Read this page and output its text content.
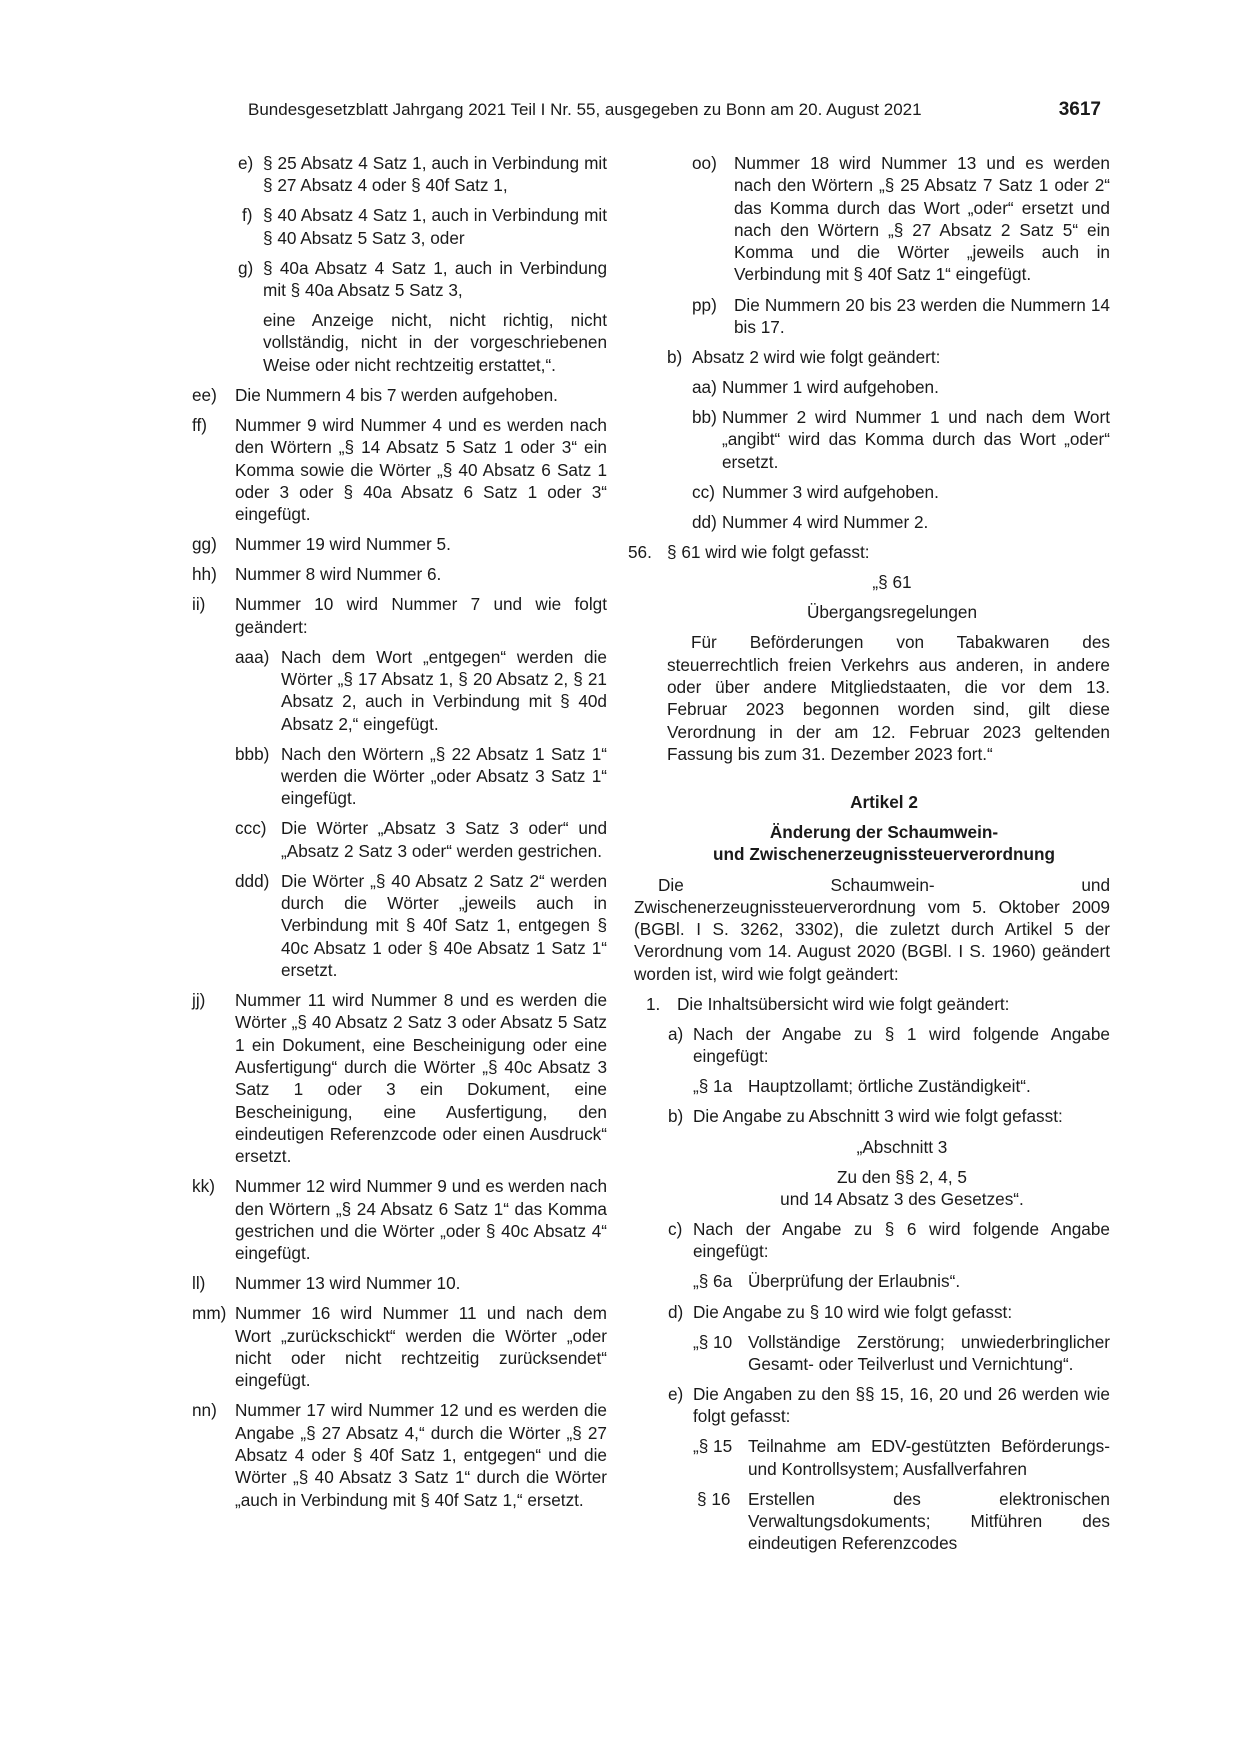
Bundesgesetzblatt Jahrgang 2021 Teil I Nr. 55, ausgegeben zu Bonn am 20. August 2021	3617
e) § 25 Absatz 4 Satz 1, auch in Verbindung mit § 27 Absatz 4 oder § 40f Satz 1,
f) § 40 Absatz 4 Satz 1, auch in Verbindung mit § 40 Absatz 5 Satz 3, oder
g) § 40a Absatz 4 Satz 1, auch in Verbindung mit § 40a Absatz 5 Satz 3,
eine Anzeige nicht, nicht richtig, nicht vollständig, nicht in der vorgeschriebenen Weise oder nicht rechtzeitig erstattet,“.
ee) Die Nummern 4 bis 7 werden aufgehoben.
ff) Nummer 9 wird Nummer 4 und es werden nach den Wörtern „§ 14 Absatz 5 Satz 1 oder 3“ ein Komma sowie die Wörter „§ 40 Absatz 6 Satz 1 oder 3 oder § 40a Absatz 6 Satz 1 oder 3“ eingefügt.
gg) Nummer 19 wird Nummer 5.
hh) Nummer 8 wird Nummer 6.
ii) Nummer 10 wird Nummer 7 und wie folgt geändert:
aaa) Nach dem Wort „entgegen“ werden die Wörter „§ 17 Absatz 1, § 20 Absatz 2, § 21 Absatz 2, auch in Verbindung mit § 40d Absatz 2,“ eingefügt.
bbb) Nach den Wörtern „§ 22 Absatz 1 Satz 1“ werden die Wörter „oder Absatz 3 Satz 1“ eingefügt.
ccc) Die Wörter „Absatz 3 Satz 3 oder“ und „Absatz 2 Satz 3 oder“ werden gestrichen.
ddd) Die Wörter „§ 40 Absatz 2 Satz 2“ werden durch die Wörter „jeweils auch in Verbindung mit § 40f Satz 1, entgegen § 40c Absatz 1 oder § 40e Absatz 1 Satz 1“ ersetzt.
jj) Nummer 11 wird Nummer 8 und es werden die Wörter „§ 40 Absatz 2 Satz 3 oder Absatz 5 Satz 1 ein Dokument, eine Bescheinigung oder eine Ausfertigung“ durch die Wörter „§ 40c Absatz 3 Satz 1 oder 3 ein Dokument, eine Bescheinigung, eine Ausfertigung, den eindeutigen Referenzcode oder einen Ausdruck“ ersetzt.
kk) Nummer 12 wird Nummer 9 und es werden nach den Wörtern „§ 24 Absatz 6 Satz 1“ das Komma gestrichen und die Wörter „oder § 40c Absatz 4“ eingefügt.
ll) Nummer 13 wird Nummer 10.
mm) Nummer 16 wird Nummer 11 und nach dem Wort „zurückschickt“ werden die Wörter „oder nicht oder nicht rechtzeitig zurücksendet“ eingefügt.
nn) Nummer 17 wird Nummer 12 und es werden die Angabe „§ 27 Absatz 4,“ durch die Wörter „§ 27 Absatz 4 oder § 40f Satz 1, entgegen“ und die Wörter „§ 40 Absatz 3 Satz 1“ durch die Wörter „auch in Verbindung mit § 40f Satz 1,“ ersetzt.
oo) Nummer 18 wird Nummer 13 und es werden nach den Wörtern „§ 25 Absatz 7 Satz 1 oder 2“ das Komma durch das Wort „oder“ ersetzt und nach den Wörtern „§ 27 Absatz 2 Satz 5“ ein Komma und die Wörter „jeweils auch in Verbindung mit § 40f Satz 1“ eingefügt.
pp) Die Nummern 20 bis 23 werden die Nummern 14 bis 17.
b) Absatz 2 wird wie folgt geändert:
aa) Nummer 1 wird aufgehoben.
bb) Nummer 2 wird Nummer 1 und nach dem Wort „angibt“ wird das Komma durch das Wort „oder“ ersetzt.
cc) Nummer 3 wird aufgehoben.
dd) Nummer 4 wird Nummer 2.
56. § 61 wird wie folgt gefasst:
„§ 61
Übergangsregelungen
Für Beförderungen von Tabakwaren des steuerrechtlich freien Verkehrs aus anderen, in andere oder über andere Mitgliedstaaten, die vor dem 13. Februar 2023 begonnen worden sind, gilt diese Verordnung in der am 12. Februar 2023 geltenden Fassung bis zum 31. Dezember 2023 fort.“
Artikel 2
Änderung der Schaumwein-
und Zwischenerzeugnissteuerverordnung
Die Schaumwein- und Zwischenerzeugnissteuerverordnung vom 5. Oktober 2009 (BGBl. I S. 3262, 3302), die zuletzt durch Artikel 5 der Verordnung vom 14. August 2020 (BGBl. I S. 1960) geändert worden ist, wird wie folgt geändert:
1. Die Inhaltsübersicht wird wie folgt geändert:
a) Nach der Angabe zu § 1 wird folgende Angabe eingefügt:
„§ 1a Hauptzollamt; örtliche Zuständigkeit“.
b) Die Angabe zu Abschnitt 3 wird wie folgt gefasst:
„Abschnitt 3
Zu den §§ 2, 4, 5
und 14 Absatz 3 des Gesetzes“.
c) Nach der Angabe zu § 6 wird folgende Angabe eingefügt:
„§ 6a Überprüfung der Erlaubnis“.
d) Die Angabe zu § 10 wird wie folgt gefasst:
„§ 10 Vollständige Zerstörung; unwiederbringlicher Gesamt- oder Teilverlust und Vernichtung“.
e) Die Angaben zu den §§ 15, 16, 20 und 26 werden wie folgt gefasst:
„§ 15 Teilnahme am EDV-gestützten Beförderungs- und Kontrollsystem; Ausfallverfahren
§ 16 Erstellen des elektronischen Verwaltungsdokuments; Mitführen des eindeutigen Referenzcodes
